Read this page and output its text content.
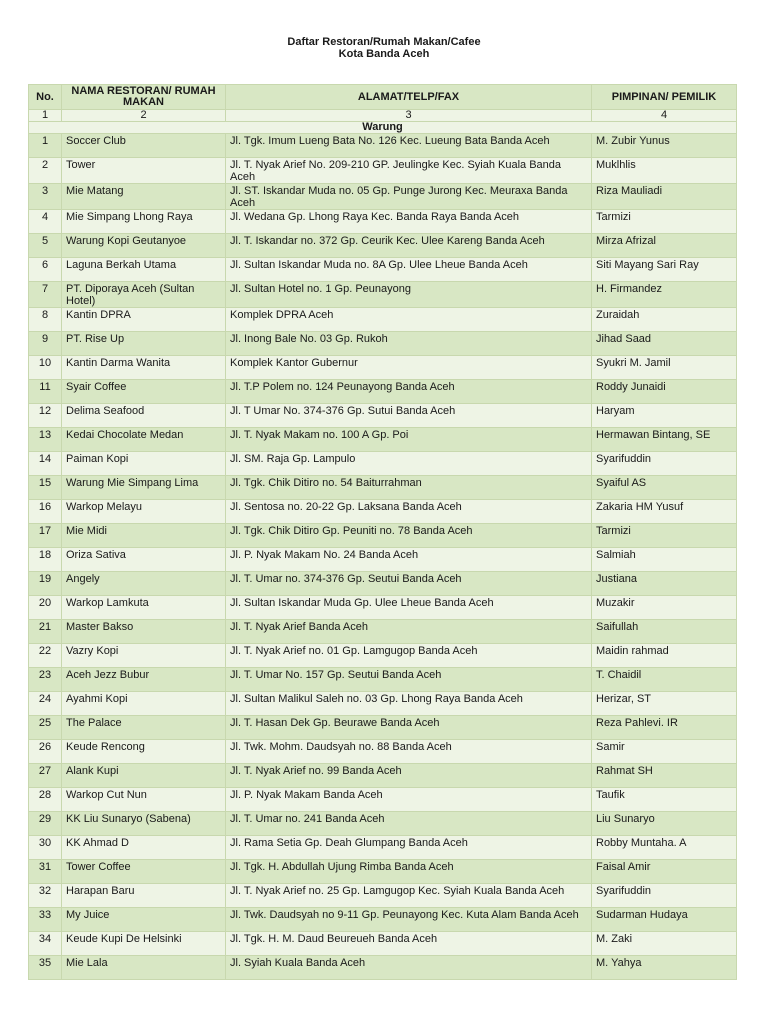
Daftar Restoran/Rumah Makan/Cafee
Kota Banda Aceh
No.	NAMA RESTORAN/ RUMAH MAKAN	ALAMAT/TELP/FAX	PIMPINAN/ PEMILIK
1	2	3	4
Warung			
1	Soccer Club	Jl. Tgk. Imum Lueng Bata No. 126 Kec. Lueung Bata Banda Aceh	M. Zubir Yunus
2	Tower	Jl. T. Nyak Arief No. 209-210 GP. Jeulingke Kec. Syiah Kuala Banda Aceh	Muklhlis
3	Mie Matang	Jl. ST. Iskandar Muda no. 05 Gp. Punge Jurong Kec. Meuraxa Banda Aceh	Riza Mauliadi
4	Mie Simpang Lhong Raya	Jl. Wedana Gp. Lhong Raya Kec. Banda Raya Banda Aceh	Tarmizi
5	Warung Kopi Geutanyoe	Jl. T. Iskandar no. 372 Gp. Ceurik Kec. Ulee Kareng Banda Aceh	Mirza Afrizal
6	Laguna Berkah Utama	Jl. Sultan Iskandar Muda no. 8A Gp. Ulee Lheue Banda Aceh	Siti Mayang Sari Ray
7	PT. Diporaya Aceh (Sultan Hotel)	Jl. Sultan Hotel no. 1 Gp. Peunayong	H. Firmandez
8	Kantin DPRA	Komplek DPRA Aceh	Zuraidah
9	PT. Rise Up	Jl. Inong Bale No. 03 Gp. Rukoh	Jihad Saad
10	Kantin Darma Wanita	Komplek Kantor Gubernur	Syukri M. Jamil
11	Syair Coffee	Jl. T.P Polem no. 124 Peunayong Banda Aceh	Roddy Junaidi
12	Delima Seafood	Jl. T Umar No. 374-376 Gp. Sutui Banda Aceh	Haryam
13	Kedai Chocolate Medan	Jl. T. Nyak Makam no. 100 A Gp. Poi	Hermawan Bintang, SE
14	Paiman Kopi	Jl. SM. Raja Gp. Lampulo	Syarifuddin
15	Warung Mie Simpang Lima	Jl. Tgk. Chik Ditiro no. 54 Baiturrahman	Syaiful AS
16	Warkop Melayu	Jl. Sentosa no. 20-22 Gp. Laksana Banda Aceh	Zakaria HM Yusuf
17	Mie Midi	Jl. Tgk. Chik Ditiro Gp. Peuniti no. 78 Banda Aceh	Tarmizi
18	Oriza Sativa	Jl. P. Nyak Makam No. 24 Banda Aceh	Salmiah
19	Angely	Jl. T. Umar no. 374-376 Gp. Seutui Banda Aceh	Justiana
20	Warkop Lamkuta	Jl. Sultan Iskandar Muda Gp. Ulee Lheue Banda Aceh	Muzakir
21	Master Bakso	Jl. T. Nyak Arief Banda Aceh	Saifullah
22	Vazry Kopi	Jl. T. Nyak Arief no. 01 Gp. Lamgugop Banda Aceh	Maidin rahmad
23	Aceh Jezz Bubur	Jl. T. Umar No. 157 Gp. Seutui Banda Aceh	T. Chaidil
24	Ayahmi Kopi	Jl. Sultan Malikul Saleh no. 03 Gp. Lhong Raya Banda Aceh	Herizar, ST
25	The Palace	Jl. T. Hasan Dek Gp. Beurawe Banda Aceh	Reza Pahlevi. IR
26	Keude Rencong	Jl. Twk. Mohm. Daudsyah no. 88 Banda Aceh	Samir
27	Alank Kupi	Jl. T. Nyak Arief no. 99 Banda Aceh	Rahmat SH
28	Warkop Cut Nun	Jl. P. Nyak Makam Banda Aceh	Taufik
29	KK Liu Sunaryo (Sabena)	Jl. T. Umar no. 241 Banda Aceh	Liu Sunaryo
30	KK Ahmad D	Jl. Rama Setia Gp. Deah Glumpang Banda Aceh	Robby Muntaha. A
31	Tower Coffee	Jl. Tgk. H. Abdullah Ujung Rimba Banda Aceh	Faisal Amir
32	Harapan Baru	Jl. T. Nyak Arief no. 25 Gp. Lamgugop Kec. Syiah Kuala Banda Aceh	Syarifuddin
33	My Juice	Jl. Twk. Daudsyah no 9-11 Gp. Peunayong Kec. Kuta Alam Banda Aceh	Sudarman Hudaya
34	Keude Kupi De Helsinki	Jl. Tgk. H. M. Daud Beureueh Banda Aceh	M. Zaki
35	Mie Lala	Jl. Syiah Kuala Banda Aceh	M. Yahya
